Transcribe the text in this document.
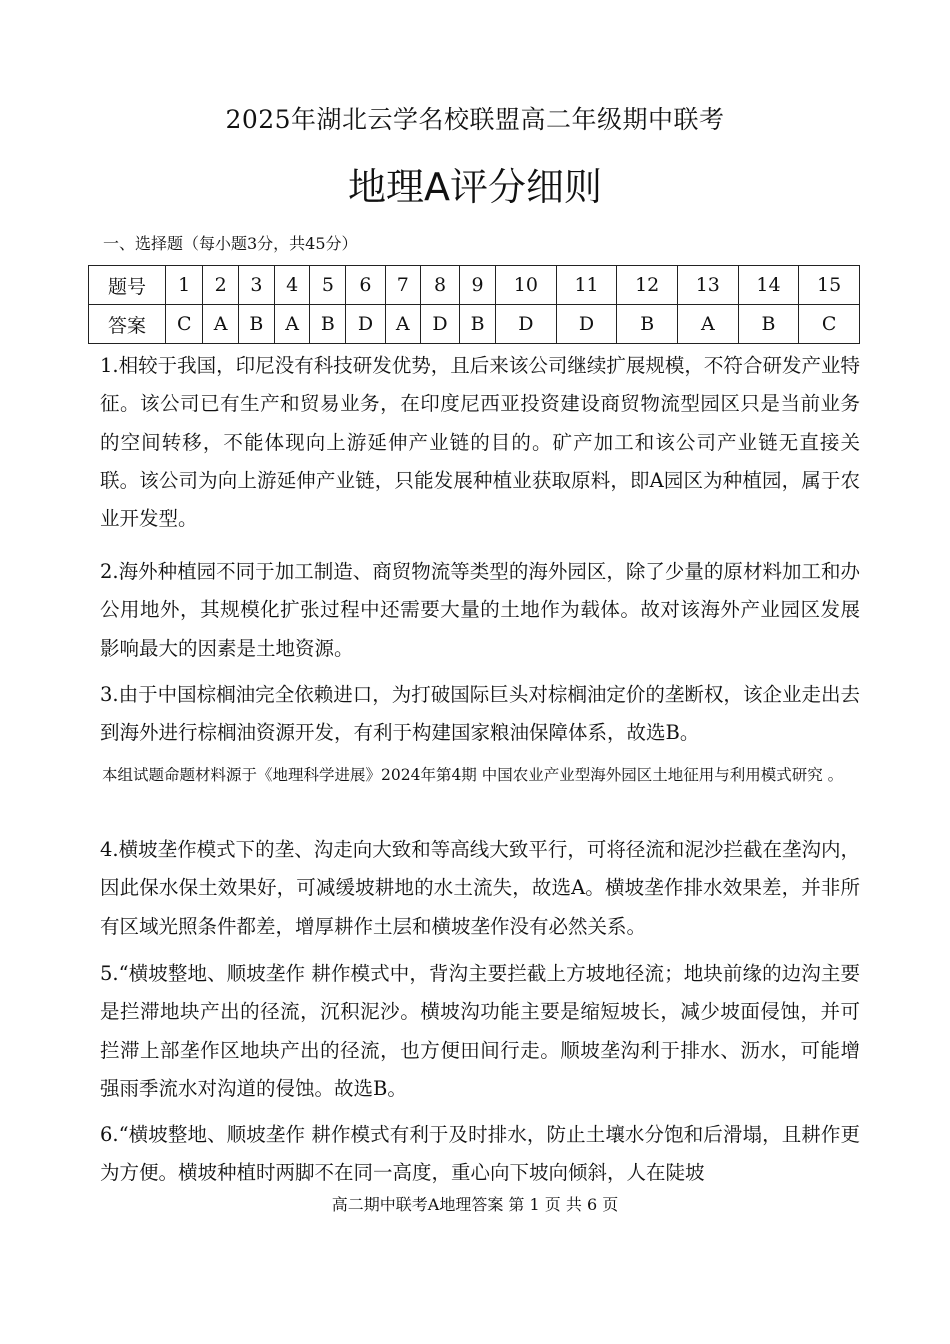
2025年湖北云学名校联盟高二年级期中联考
地理A评分细则
一、选择题（每小题3分，共45分）
题号	1	2	3	4	5	6	7	8	9	10	11	12	13	14	15
答案	C	A	B	A	B	D	A	D	B	D	D	B	A	B	C

1.相较于我国，印尼没有科技研发优势，且后来该公司继续扩展规模，不符合研发产业特征。该公司已有生产和贸易业务，在印度尼西亚投资建设商贸物流型园区只是当前业务的空间转移，不能体现向上游延伸产业链的目的。矿产加工和该公司产业链无直接关联。该公司为向上游延伸产业链，只能发展种植业获取原料，即A园区为种植园，属于农业开发型。

2.海外种植园不同于加工制造、商贸物流等类型的海外园区，除了少量的原材料加工和办公用地外，其规模化扩张过程中还需要大量的土地作为载体。故对该海外产业园区发展影响最大的因素是土地资源。

3.由于中国棕榈油完全依赖进口，为打破国际巨头对棕榈油定价的垄断权，该企业走出去到海外进行棕榈油资源开发，有利于构建国家粮油保障体系，故选B。

本组试题命题材料源于《地理科学进展》2024年第4期 中国农业产业型海外园区土地征用与利用模式研究 。

4.横坡垄作模式下的垄、沟走向大致和等高线大致平行，可将径流和泥沙拦截在垄沟内，因此保水保土效果好，可减缓坡耕地的水土流失，故选A。横坡垄作排水效果差，并非所有区域光照条件都差，增厚耕作土层和横坡垄作没有必然关系。

5.“横坡整地、顺坡垄作 耕作模式中，背沟主要拦截上方坡地径流；地块前缘的边沟主要是拦滞地块产出的径流，沉积泥沙。横坡沟功能主要是缩短坡长，减少坡面侵蚀，并可拦滞上部垄作区地块产出的径流，也方便田间行走。顺坡垄沟利于排水、沥水，可能增强雨季流水对沟道的侵蚀。故选B。

6.“横坡整地、顺坡垄作 耕作模式有利于及时排水，防止土壤水分饱和后滑塌，且耕作更为方便。横坡种植时两脚不在同一高度，重心向下坡向倾斜，人在陡坡

高二期中联考A地理答案 第 1 页 共 6 页
